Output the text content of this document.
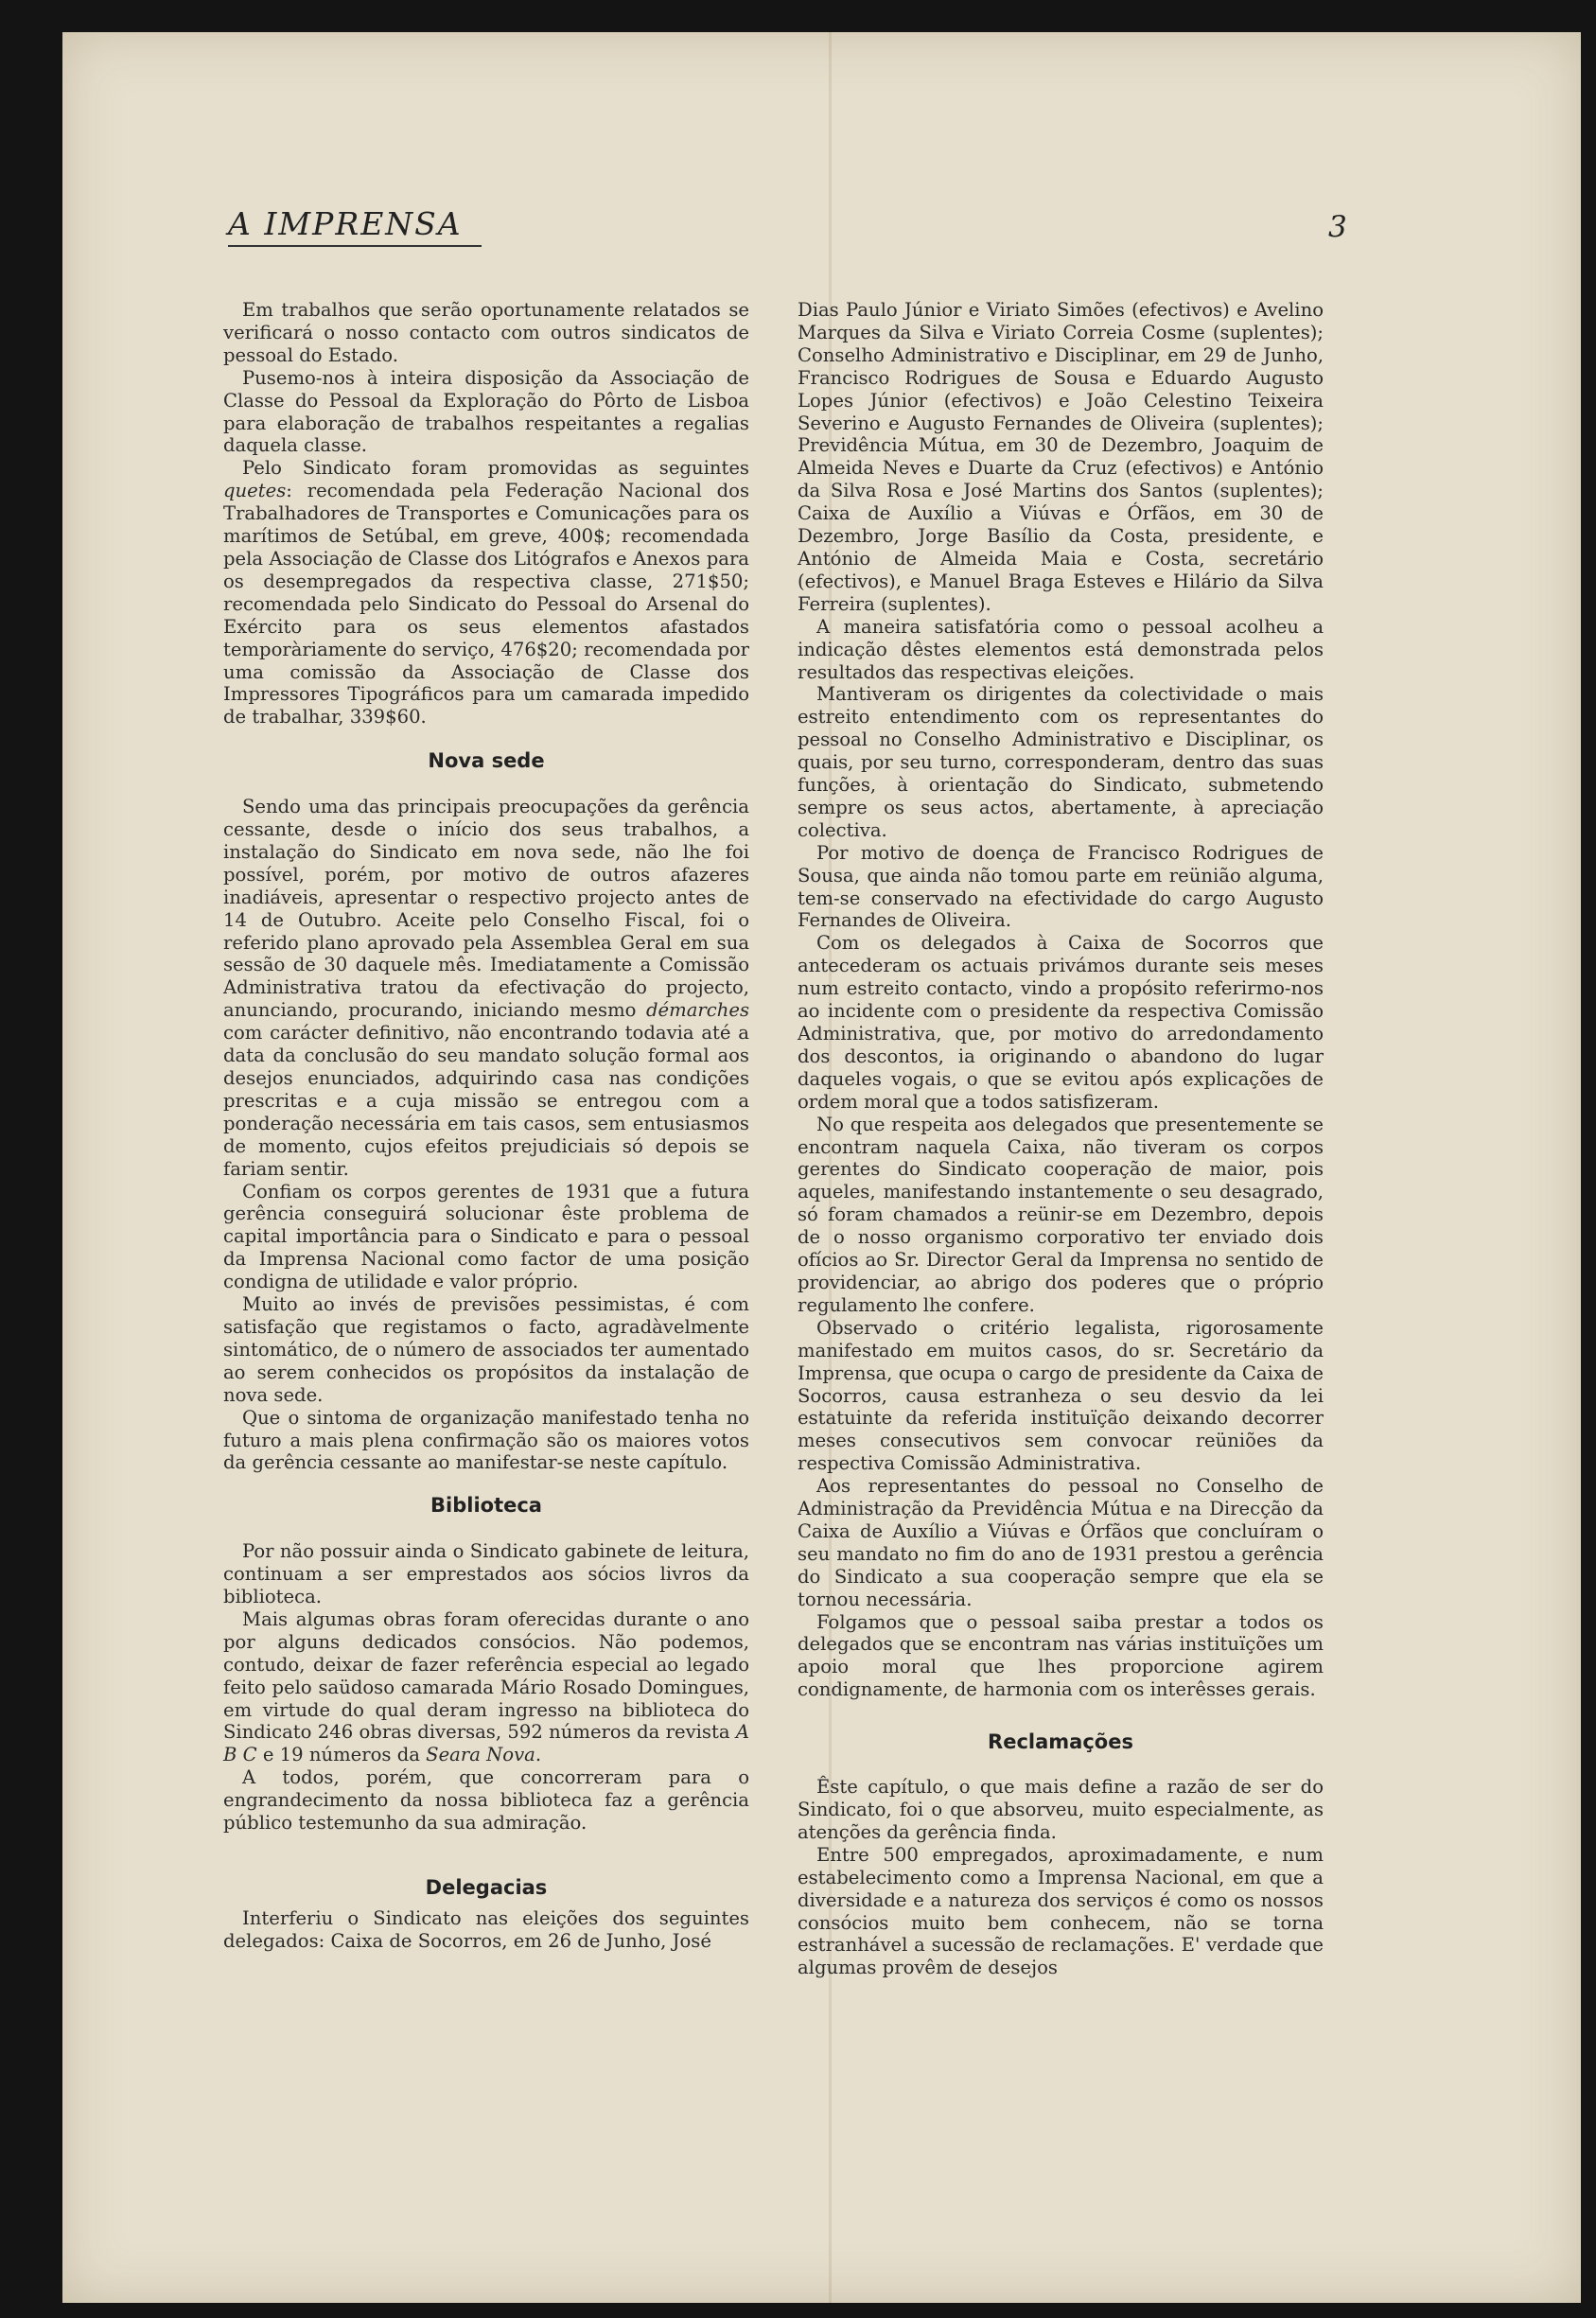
A IMPRENSA	3

Em trabalhos que serão oportunamente relatados se verificará o nosso contacto com outros sindicatos de pessoal do Estado.

Pusemo-nos à inteira disposição da Associação de Classe do Pessoal da Exploração do Pôrto de Lisboa para elaboração de trabalhos respeitantes a regalias daquela classe.

Pelo Sindicato foram promovidas as seguintes quetes: recomendada pela Federação Nacional dos Trabalhadores de Transportes e Comunicações para os marítimos de Setúbal, em greve, 400$; recomendada pela Associação de Classe dos Litógrafos e Anexos para os desempregados da respectiva classe, 271$50; recomendada pelo Sindicato do Pessoal do Arsenal do Exército para os seus elementos afastados temporàriamente do serviço, 476$20; recomendada por uma comissão da Associação de Classe dos Impressores Tipográficos para um camarada impedido de trabalhar, 339$60.

Nova sede

Sendo uma das principais preocupações da gerência cessante, desde o início dos seus trabalhos, a instalação do Sindicato em nova sede, não lhe foi possível, porém, por motivo de outros afazeres inadiáveis, apresentar o respectivo projecto antes de 14 de Outubro. Aceite pelo Conselho Fiscal, foi o referido plano aprovado pela Assemblea Geral em sua sessão de 30 daquele mês. Imediatamente a Comissão Administrativa tratou da efectivação do projecto, anunciando, procurando, iniciando mesmo démarches com carácter definitivo, não encontrando todavia até a data da conclusão do seu mandato solução formal aos desejos enunciados, adquirindo casa nas condições prescritas e a cuja missão se entregou com a ponderação necessária em tais casos, sem entusiasmos de momento, cujos efeitos prejudiciais só depois se fariam sentir.

Confiam os corpos gerentes de 1931 que a futura gerência conseguirá solucionar êste problema de capital importância para o Sindicato e para o pessoal da Imprensa Nacional como factor de uma posição condigna de utilidade e valor próprio.

Muito ao invés de previsões pessimistas, é com satisfação que registamos o facto, agradàvelmente sintomático, de o número de associados ter aumentado ao serem conhecidos os propósitos da instalação de nova sede.

Que o sintoma de organização manifestado tenha no futuro a mais plena confirmação são os maiores votos da gerência cessante ao manifestar-se neste capítulo.

Biblioteca

Por não possuir ainda o Sindicato gabinete de leitura, continuam a ser emprestados aos sócios livros da biblioteca.

Mais algumas obras foram oferecidas durante o ano por alguns dedicados consócios. Não podemos, contudo, deixar de fazer referência especial ao legado feito pelo saüdoso camarada Mário Rosado Domingues, em virtude do qual deram ingresso na biblioteca do Sindicato 246 obras diversas, 592 números da revista A B C e 19 números da Seara Nova.

A todos, porém, que concorreram para o engrandecimento da nossa biblioteca faz a gerência público testemunho da sua admiração.

Delegacias

Interferiu o Sindicato nas eleições dos seguintes delegados: Caixa de Socorros, em 26 de Junho, José

Dias Paulo Júnior e Viriato Simões (efectivos) e Avelino Marques da Silva e Viriato Correia Cosme (suplentes); Conselho Administrativo e Disciplinar, em 29 de Junho, Francisco Rodrigues de Sousa e Eduardo Augusto Lopes Júnior (efectivos) e João Celestino Teixeira Severino e Augusto Fernandes de Oliveira (suplentes); Previdência Mútua, em 30 de Dezembro, Joaquim de Almeida Neves e Duarte da Cruz (efectivos) e António da Silva Rosa e José Martins dos Santos (suplentes); Caixa de Auxílio a Viúvas e Órfãos, em 30 de Dezembro, Jorge Basílio da Costa, presidente, e António de Almeida Maia e Costa, secretário (efectivos), e Manuel Braga Esteves e Hilário da Silva Ferreira (suplentes).

A maneira satisfatória como o pessoal acolheu a indicação dêstes elementos está demonstrada pelos resultados das respectivas eleições.

Mantiveram os dirigentes da colectividade o mais estreito entendimento com os representantes do pessoal no Conselho Administrativo e Disciplinar, os quais, por seu turno, corresponderam, dentro das suas funções, à orientação do Sindicato, submetendo sempre os seus actos, abertamente, à apreciação colectiva.

Por motivo de doença de Francisco Rodrigues de Sousa, que ainda não tomou parte em reünião alguma, tem-se conservado na efectividade do cargo Augusto Fernandes de Oliveira.

Com os delegados à Caixa de Socorros que antecederam os actuais privámos durante seis meses num estreito contacto, vindo a propósito referirmo-nos ao incidente com o presidente da respectiva Comissão Administrativa, que, por motivo do arredondamento dos descontos, ia originando o abandono do lugar daqueles vogais, o que se evitou após explicações de ordem moral que a todos satisfizeram.

No que respeita aos delegados que presentemente se encontram naquela Caixa, não tiveram os corpos gerentes do Sindicato cooperação de maior, pois aqueles, manifestando instantemente o seu desagrado, só foram chamados a reünir-se em Dezembro, depois de o nosso organismo corporativo ter enviado dois ofícios ao Sr. Director Geral da Imprensa no sentido de providenciar, ao abrigo dos poderes que o próprio regulamento lhe confere.

Observado o critério legalista, rigorosamente manifestado em muitos casos, do sr. Secretário da Imprensa, que ocupa o cargo de presidente da Caixa de Socorros, causa estranheza o seu desvio da lei estatuinte da referida instituïção deixando decorrer meses consecutivos sem convocar reüniões da respectiva Comissão Administrativa.

Aos representantes do pessoal no Conselho de Administração da Previdência Mútua e na Direcção da Caixa de Auxílio a Viúvas e Órfãos que concluíram o seu mandato no fim do ano de 1931 prestou a gerência do Sindicato a sua cooperação sempre que ela se tornou necessária.

Folgamos que o pessoal saiba prestar a todos os delegados que se encontram nas várias instituïções um apoio moral que lhes proporcione agirem condignamente, de harmonia com os interêsses gerais.

Reclamações

Êste capítulo, o que mais define a razão de ser do Sindicato, foi o que absorveu, muito especialmente, as atenções da gerência finda.

Entre 500 empregados, aproximadamente, e num estabelecimento como a Imprensa Nacional, em que a diversidade e a natureza dos serviços é como os nossos consócios muito bem conhecem, não se torna estranhável a sucessão de reclamações. E' verdade que algumas provêm de desejos
